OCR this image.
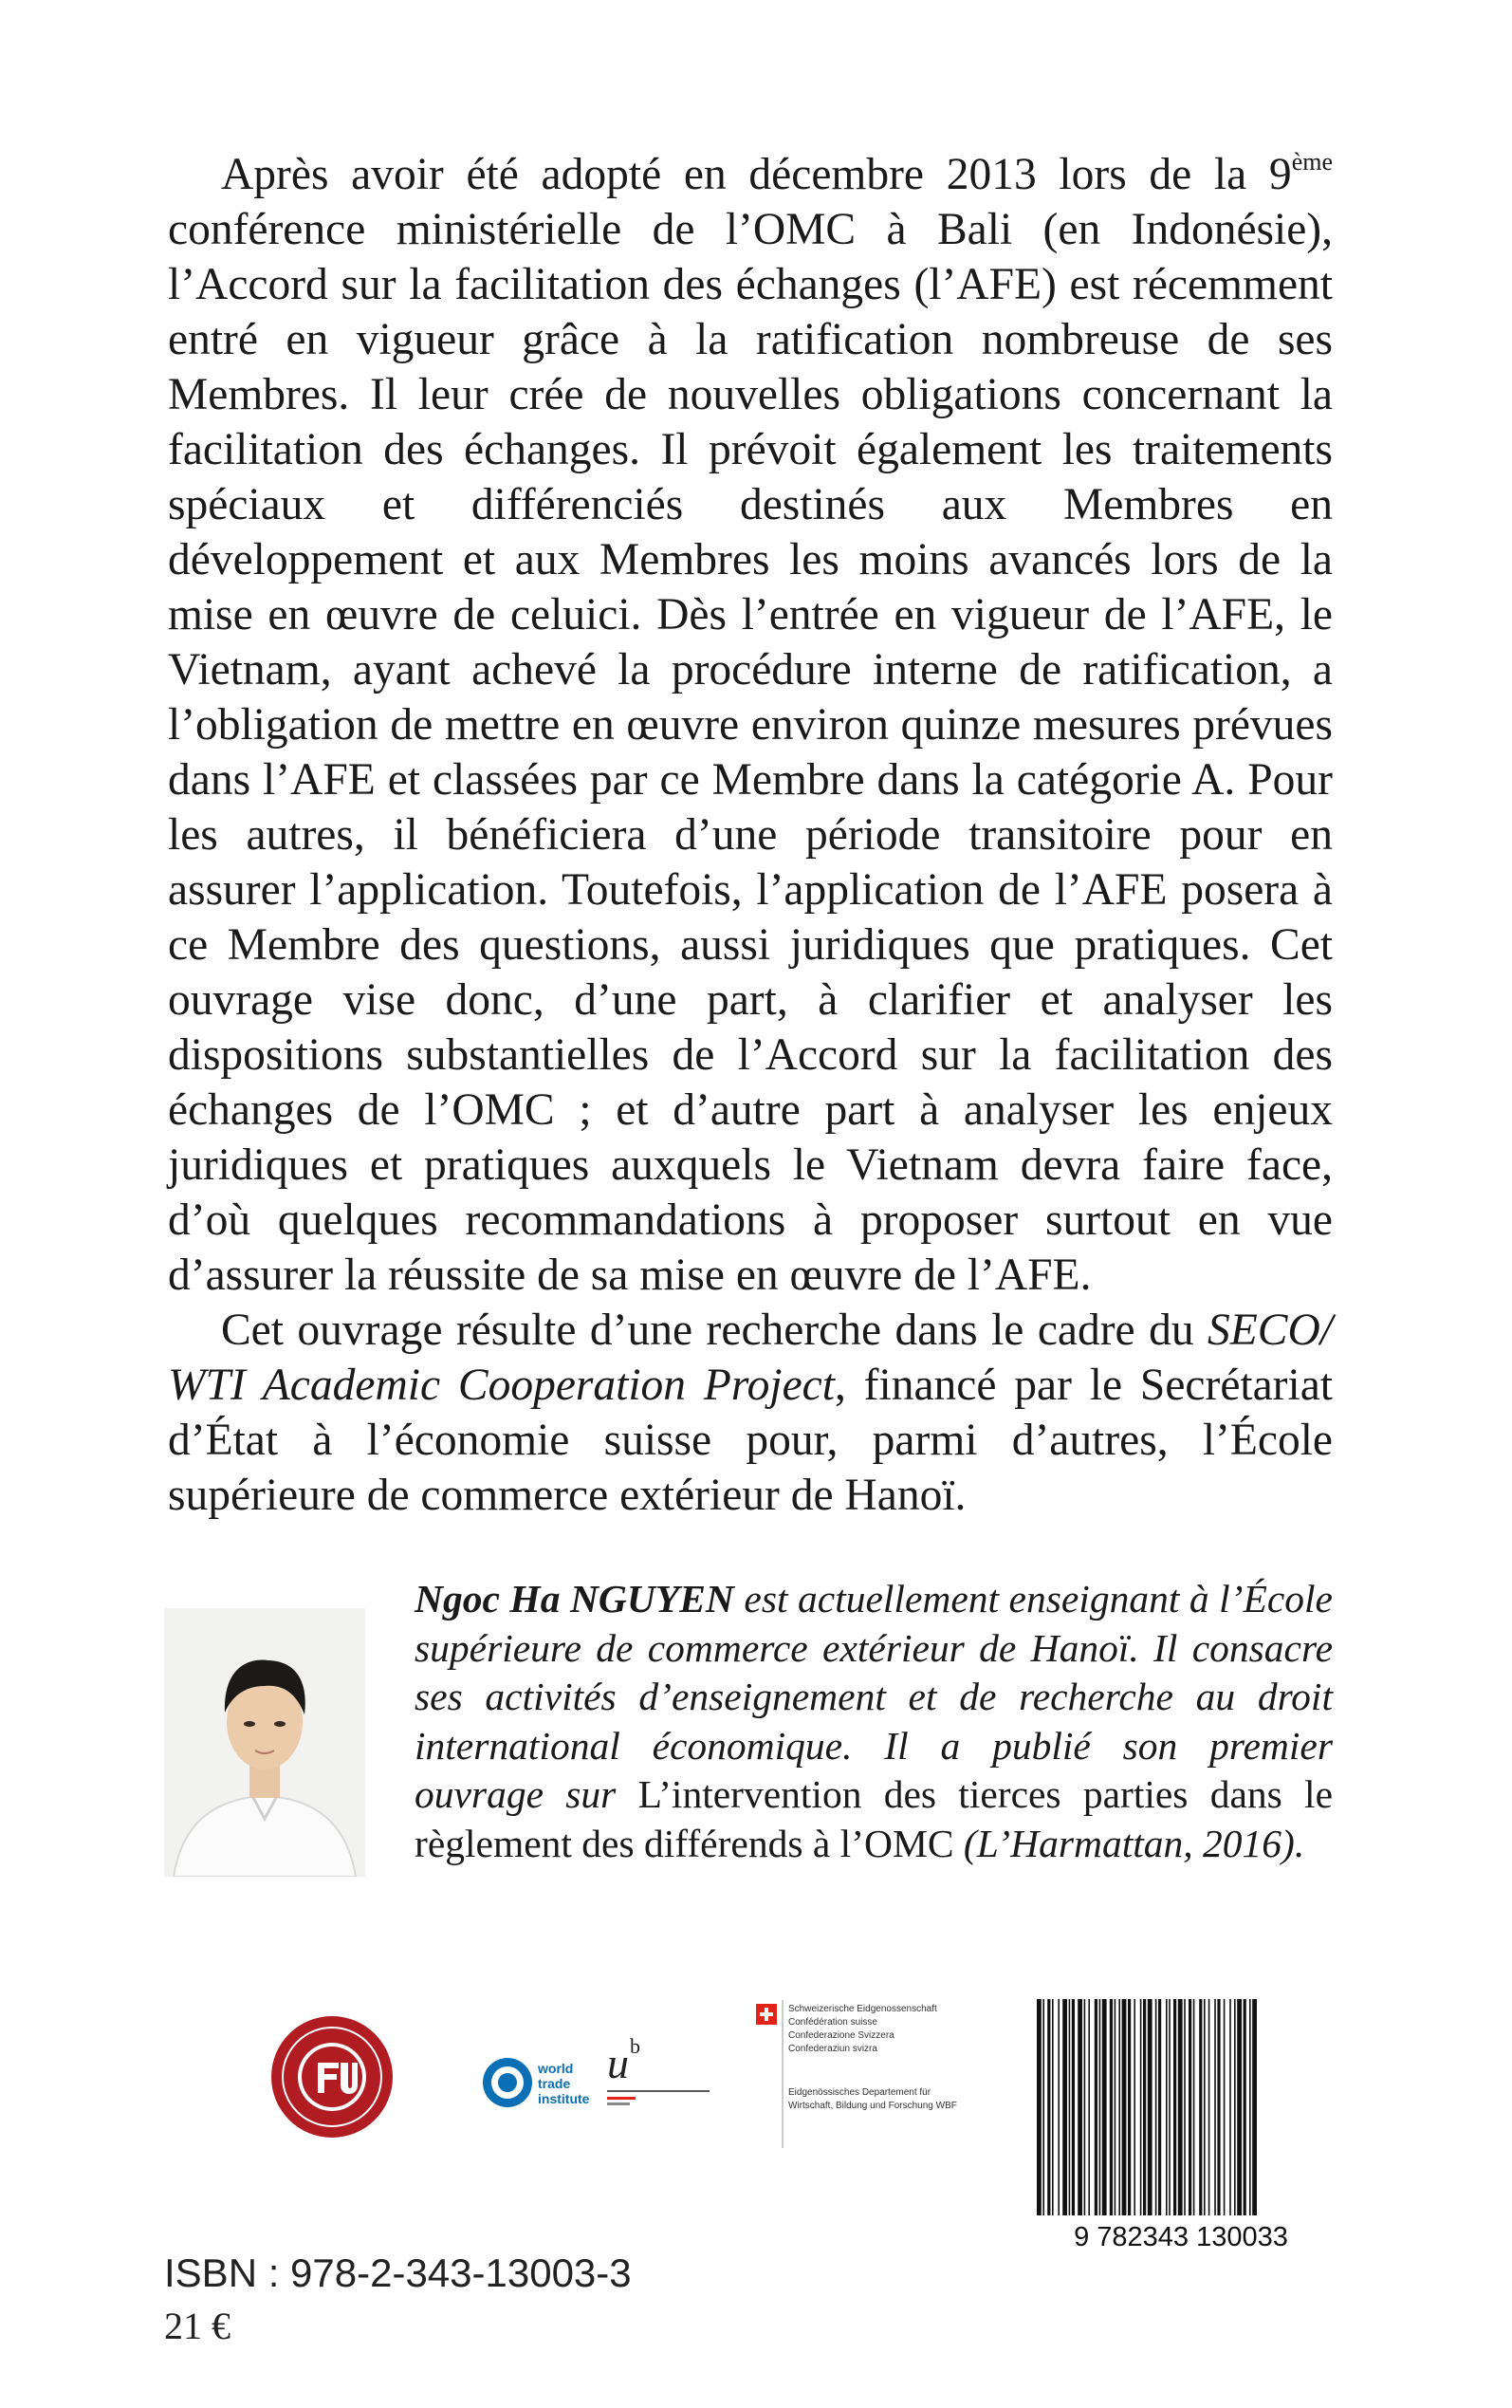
Après avoir été adopté en décembre 2013 lors de la 9ème conférence ministérielle de l’OMC à Bali (en Indonésie), l’Accord sur la facilitation des échanges (l’AFE) est récemment entré en vigueur grâce à la ratification nombreuse de ses Membres. Il leur crée de nouvelles obligations concernant la facilitation des échanges. Il prévoit également les traitements spéciaux et différenciés destinés aux Membres en développement et aux Membres les moins avancés lors de la mise en œuvre de celuici. Dès l’entrée en vigueur de l’AFE, le Vietnam, ayant achevé la procédure interne de ratification, a l’obligation de mettre en œuvre environ quinze mesures prévues dans l’AFE et classées par ce Membre dans la catégorie A. Pour les autres, il bénéficiera d’une période transitoire pour en assurer l’application. Toutefois, l’application de l’AFE posera à ce Membre des questions, aussi juridiques que pratiques. Cet ouvrage vise donc, d’une part, à clarifier et analyser les dispositions substantielles de l’Accord sur la facilitation des échanges de l’OMC ; et d’autre part à analyser les enjeux juridiques et pratiques auxquels le Vietnam devra faire face, d’où quelques recommandations à proposer surtout en vue d’assurer la réussite de sa mise en œuvre de l’AFE.

Cet ouvrage résulte d’une recherche dans le cadre du SECO/ WTI Academic Cooperation Project, financé par le Secrétariat d’État à l’économie suisse pour, parmi d’autres, l’École supérieure de commerce extérieur de Hanoï.

Ngoc Ha NGUYEN est actuellement enseignant à l’École supérieure de commerce extérieur de Hanoï. Il consacre ses activités d’enseignement et de recherche au droit international économique. Il a publié son premier ouvrage sur L’intervention des tierces parties dans le règlement des différends à l’OMC (L’Harmattan, 2016).
world
trade
institute
u b
Schweizerische Eidgenossenschaft
Confédération suisse
Confederazione Svizzera
Confederaziun svizra
Eidgenössisches Departement für
Wirtschaft, Bildung und Forschung WBF
9 782343 130033
ISBN : 978-2-343-13003-3
21 €
